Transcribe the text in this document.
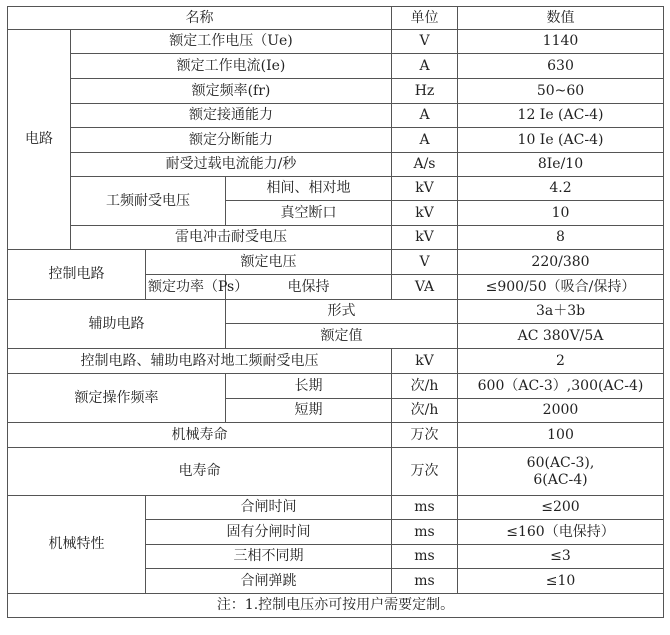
名称				单位	数值
电路	额定工作电压（Ue)			V	1140
	额定工作电流(Ie)			A	630
	额定频率(fr)			Hz	50~60
	额定接通能力			A	12 Ie (AC-4)
	额定分断能力			A	10 Ie (AC-4)
	耐受过载电流能力/秒			A/s	8Ie/10
	工频耐受电压		相间、相对地	kV	4.2
			真空断口	kV	10
	雷电冲击耐受电压			kV	8
控制电路		额定电压		V	220/380
		额定功率（Ps）	电保持	VA	≤900/50（吸合/保持）
辅助电路			形式		3a＋3b
			额定值		AC 380V/5A
控制电路、辅助电路对地工频耐受电压				kV	2
额定操作频率			长期	次/h	600（AC-3）,300(AC-4)
			短期	次/h	2000
机械寿命				万次	100
电寿命				万次	60(AC-3),
6(AC-4)
机械特性		合闸时间		ms	≤200
		固有分闸时间		ms	≤160（电保持）
		三相不同期		ms	≤3
		合闸弹跳		ms	≤10
注：1.控制电压亦可按用户需要定制。					
